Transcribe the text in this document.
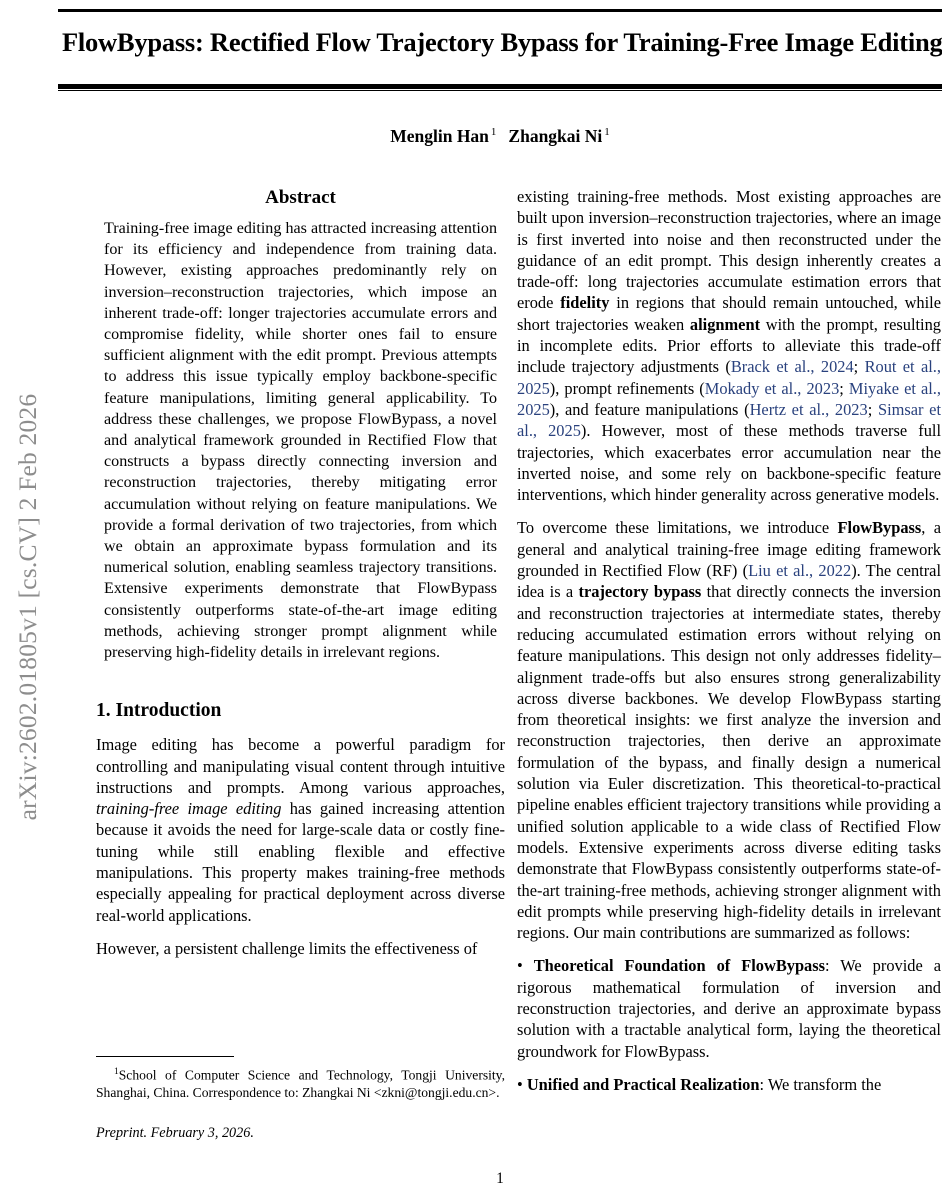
arXiv:2602.01805v1 [cs.CV] 2 Feb 2026
FlowBypass: Rectified Flow Trajectory Bypass for Training-Free Image Editing
Menglin Han $^1$ Zhangkai Ni $^1$
Abstract

Training-free image editing has attracted increasing attention for its efficiency and independence from training data. However, existing approaches predominantly rely on inversion–reconstruction trajectories, which impose an inherent trade-off: longer trajectories accumulate errors and compromise fidelity, while shorter ones fail to ensure sufficient alignment with the edit prompt. Previous attempts to address this issue typically employ backbone-specific feature manipulations, limiting general applicability. To address these challenges, we propose FlowBypass, a novel and analytical framework grounded in Rectified Flow that constructs a bypass directly connecting inversion and reconstruction trajectories, thereby mitigating error accumulation without relying on feature manipulations. We provide a formal derivation of two trajectories, from which we obtain an approximate bypass formulation and its numerical solution, enabling seamless trajectory transitions. Extensive experiments demonstrate that FlowBypass consistently outperforms state-of-the-art image editing methods, achieving stronger prompt alignment while preserving high-fidelity details in irrelevant regions.

1. Introduction

Image editing has become a powerful paradigm for controlling and manipulating visual content through intuitive instructions and prompts. Among various approaches, training-free image editing has gained increasing attention because it avoids the need for large-scale data or costly fine-tuning while still enabling flexible and effective manipulations. This property makes training-free methods especially appealing for practical deployment across diverse real-world applications.

However, a persistent challenge limits the effectiveness of

existing training-free methods. Most existing approaches are built upon inversion–reconstruction trajectories, where an image is first inverted into noise and then reconstructed under the guidance of an edit prompt. This design inherently creates a trade-off: long trajectories accumulate estimation errors that erode fidelity in regions that should remain untouched, while short trajectories weaken alignment with the prompt, resulting in incomplete edits. Prior efforts to alleviate this trade-off include trajectory adjustments (Brack et al., 2024; Rout et al., 2025), prompt refinements (Mokady et al., 2023; Miyake et al., 2025), and feature manipulations (Hertz et al., 2023; Simsar et al., 2025). However, most of these methods traverse full trajectories, which exacerbates error accumulation near the inverted noise, and some rely on backbone-specific feature interventions, which hinder generality across generative models.

To overcome these limitations, we introduce FlowBypass, a general and analytical training-free image editing framework grounded in Rectified Flow (RF) (Liu et al., 2022). The central idea is a trajectory bypass that directly connects the inversion and reconstruction trajectories at intermediate states, thereby reducing accumulated estimation errors without relying on feature manipulations. This design not only addresses fidelity–alignment trade-offs but also ensures strong generalizability across diverse backbones. We develop FlowBypass starting from theoretical insights: we first analyze the inversion and reconstruction trajectories, then derive an approximate formulation of the bypass, and finally design a numerical solution via Euler discretization. This theoretical-to-practical pipeline enables efficient trajectory transitions while providing a unified solution applicable to a wide class of Rectified Flow models. Extensive experiments across diverse editing tasks demonstrate that FlowBypass consistently outperforms state-of-the-art training-free methods, achieving stronger alignment with edit prompts while preserving high-fidelity details in irrelevant regions. Our main contributions are summarized as follows:

• Theoretical Foundation of FlowBypass: We provide a rigorous mathematical formulation of inversion and reconstruction trajectories, and derive an approximate bypass solution with a tractable analytical form, laying the theoretical groundwork for FlowBypass.

• Unified and Practical Realization: We transform the

$^1$School of Computer Science and Technology, Tongji University, Shanghai, China. Correspondence to: Zhangkai Ni <zkni@tongji.edu.cn>.

Preprint. February 3, 2026.
1
